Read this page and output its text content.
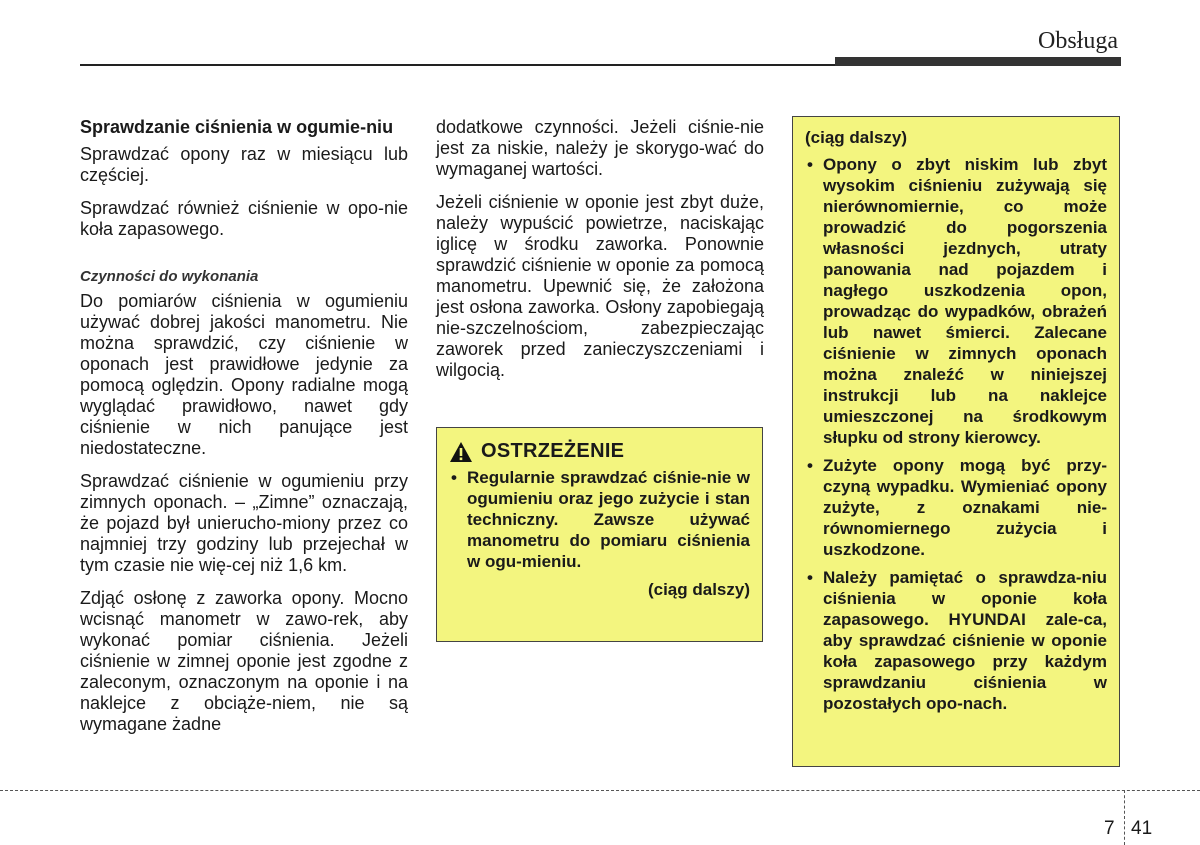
Obsługa

Sprawdzanie ciśnienia w ogumie-niu

Sprawdzać opony raz w miesiącu lub częściej.

Sprawdzać również ciśnienie w opo-nie koła zapasowego.

Czynności do wykonania

Do pomiarów ciśnienia w ogumieniu używać dobrej jakości manometru. Nie można sprawdzić, czy ciśnienie w oponach jest prawidłowe jedynie za pomocą oględzin. Opony radialne mogą wyglądać prawidłowo, nawet gdy ciśnienie w nich panujące jest niedostateczne.

Sprawdzać ciśnienie w ogumieniu przy zimnych oponach. – „Zimne” oznaczają, że pojazd był unierucho-miony przez co najmniej trzy godziny lub przejechał w tym czasie nie wię-cej niż 1,6 km.

Zdjąć osłonę z zaworka opony. Mocno wcisnąć manometr w zawo-rek, aby wykonać pomiar ciśnienia. Jeżeli ciśnienie w zimnej oponie jest zgodne z zaleconym, oznaczonym na oponie i na naklejce z obciąże-niem, nie są wymagane żadne

dodatkowe czynności. Jeżeli ciśnie-nie jest za niskie, należy je skorygo-wać do wymaganej wartości.

Jeżeli ciśnienie w oponie jest zbyt duże, należy wypuścić powietrze, naciskając iglicę w środku zaworka. Ponownie sprawdzić ciśnienie w oponie za pomocą manometru. Upewnić się, że założona jest osłona zaworka. Osłony zapobiegają nie-szczelnościom, zabezpieczając zaworek przed zanieczyszczeniami i wilgocią.

OSTRZEŻENIE
• Regularnie sprawdzać ciśnie-nie w ogumieniu oraz jego zużycie i stan techniczny. Zawsze używać manometru do pomiaru ciśnienia w ogu-mieniu.
(ciąg dalszy)
(ciąg dalszy)
• Opony o zbyt niskim lub zbyt wysokim ciśnieniu zużywają się nierównomiernie, co może prowadzić do pogorszenia własności jezdnych, utraty panowania nad pojazdem i nagłego uszkodzenia opon, prowadząc do wypadków, obrażeń lub nawet śmierci. Zalecane ciśnienie w zimnych oponach można znaleźć w niniejszej instrukcji lub na naklejce umieszczonej na środkowym słupku od strony kierowcy.
• Zużyte opony mogą być przy-czyną wypadku. Wymieniać opony zużyte, z oznakami nie-równomiernego zużycia i uszkodzone.
• Należy pamiętać o sprawdza-niu ciśnienia w oponie koła zapasowego. HYUNDAI zale-ca, aby sprawdzać ciśnienie w oponie koła zapasowego przy każdym sprawdzaniu ciśnienia w pozostałych opo-nach.
7 41
